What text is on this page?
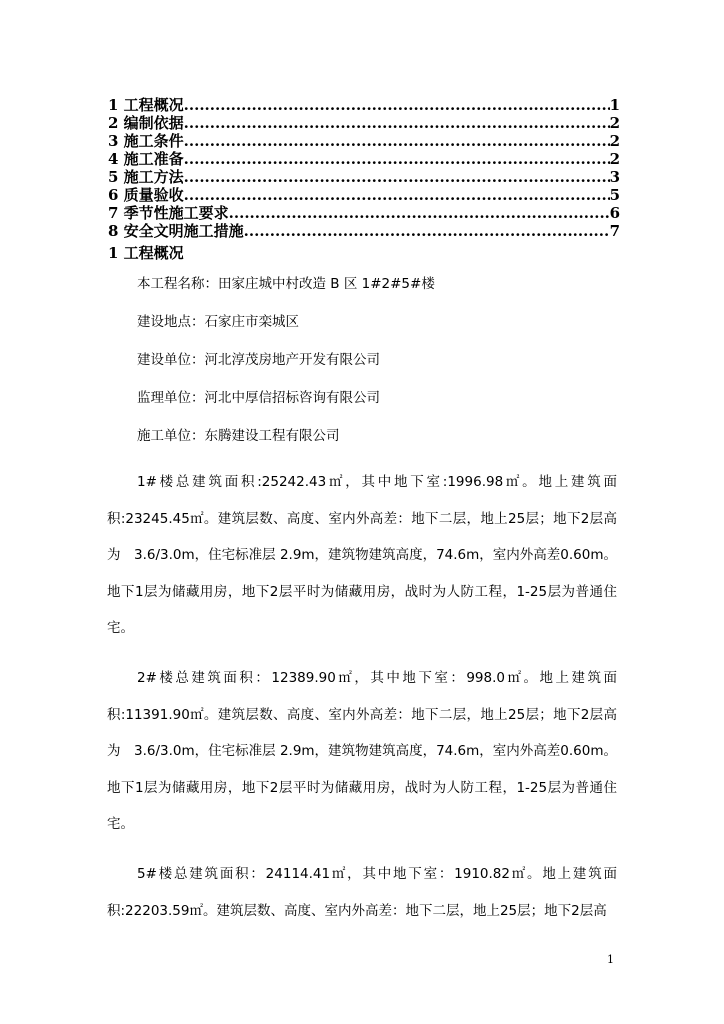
1 工程概况 .....	1
2 编制依据 .....	2
3 施工条件 .....	2
4 施工准备 .....	2
5 施工方法 .....	3
6 质量验收 .....	5
7 季节性施工要求 .....	6
8 安全文明施工措施 .....	7
1 工程概况
本工程名称：田家庄城中村改造 B 区 1#2#5#楼
建设地点：石家庄市栾城区
建设单位：河北淳茂房地产开发有限公司
监理单位：河北中厚信招标咨询有限公司
施工单位：东腾建设工程有限公司

1#楼总建筑面积:25242.43㎡，其中地下室:1996.98㎡。地上建筑面积:23245.45㎡。建筑层数、高度、室内外高差：地下二层，地上25层；地下2层高为　3.6/3.0m，住宅标准层 2.9m，建筑物建筑高度，74.6m，室内外高差0.60m。地下1层为储藏用房，地下2层平时为储藏用房，战时为人防工程，1-25层为普通住宅。

2#楼总建筑面积：12389.90㎡，其中地下室：998.0㎡。地上建筑面积:11391.90㎡。建筑层数、高度、室内外高差：地下二层，地上25层；地下2层高为　3.6/3.0m，住宅标准层 2.9m，建筑物建筑高度，74.6m，室内外高差0.60m。地下1层为储藏用房，地下2层平时为储藏用房，战时为人防工程，1-25层为普通住宅。

5#楼总建筑面积：24114.41㎡，其中地下室：1910.82㎡。地上建筑面积:22203.59㎡。建筑层数、高度、室内外高差：地下二层，地上25层；地下2层高

1
